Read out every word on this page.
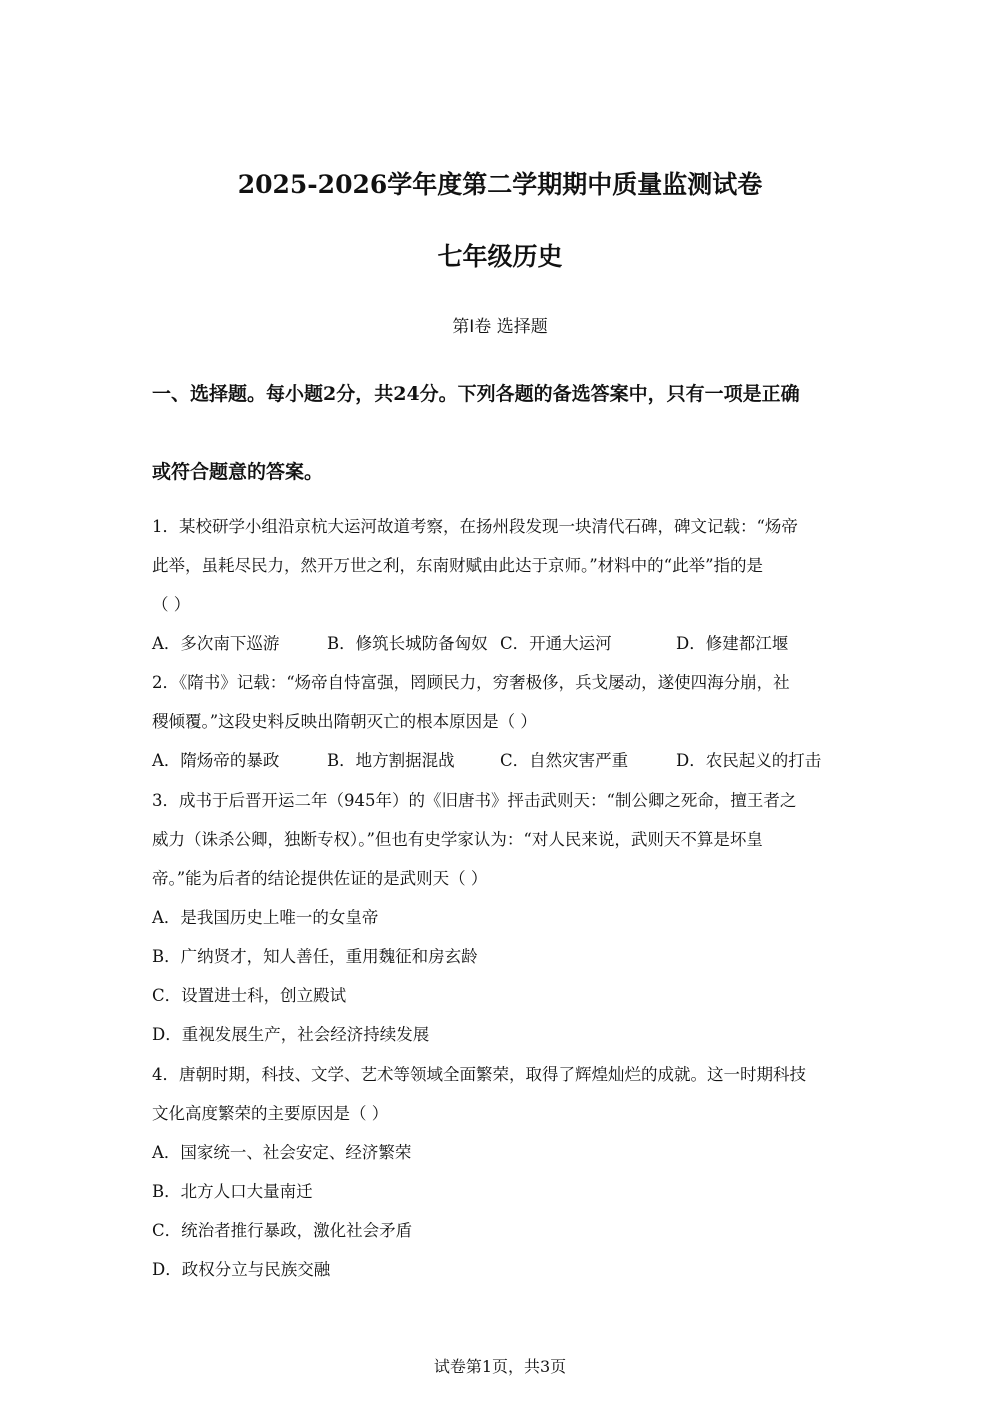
2025-2026学年度第二学期期中质量监测试卷
七年级历史
第Ⅰ卷 选择题
一、选择题。每小题2分，共24分。下列各题的备选答案中，只有一项是正确
或符合题意的答案。
1．某校研学小组沿京杭大运河故道考察，在扬州段发现一块清代石碑，碑文记载：“炀帝
此举，虽耗尽民力，然开万世之利，东南财赋由此达于京师。”材料中的“此举”指的是
（ ）
A．多次南下巡游	B．修筑长城防备匈奴 C．开通大运河	D．修建都江堰
2．《隋书》记载：“炀帝自恃富强，罔顾民力，穷奢极侈，兵戈屡动，遂使四海分崩，社
稷倾覆。”这段史料反映出隋朝灭亡的根本原因是（ ）
A．隋炀帝的暴政	B．地方割据混战	C．自然灾害严重	D．农民起义的打击
3．成书于后晋开运二年（945年）的《旧唐书》抨击武则天：“制公卿之死命，擅王者之
威力（诛杀公卿，独断专权）。”但也有史学家认为：“对人民来说，武则天不算是坏皇
帝。”能为后者的结论提供佐证的是武则天（ ）
A．是我国历史上唯一的女皇帝
B．广纳贤才，知人善任，重用魏征和房玄龄
C．设置进士科，创立殿试
D．重视发展生产，社会经济持续发展
4．唐朝时期，科技、文学、艺术等领域全面繁荣，取得了辉煌灿烂的成就。这一时期科技
文化高度繁荣的主要原因是（ ）
A．国家统一、社会安定、经济繁荣
B．北方人口大量南迁
C．统治者推行暴政，激化社会矛盾
D．政权分立与民族交融
试卷第1页，共3页
